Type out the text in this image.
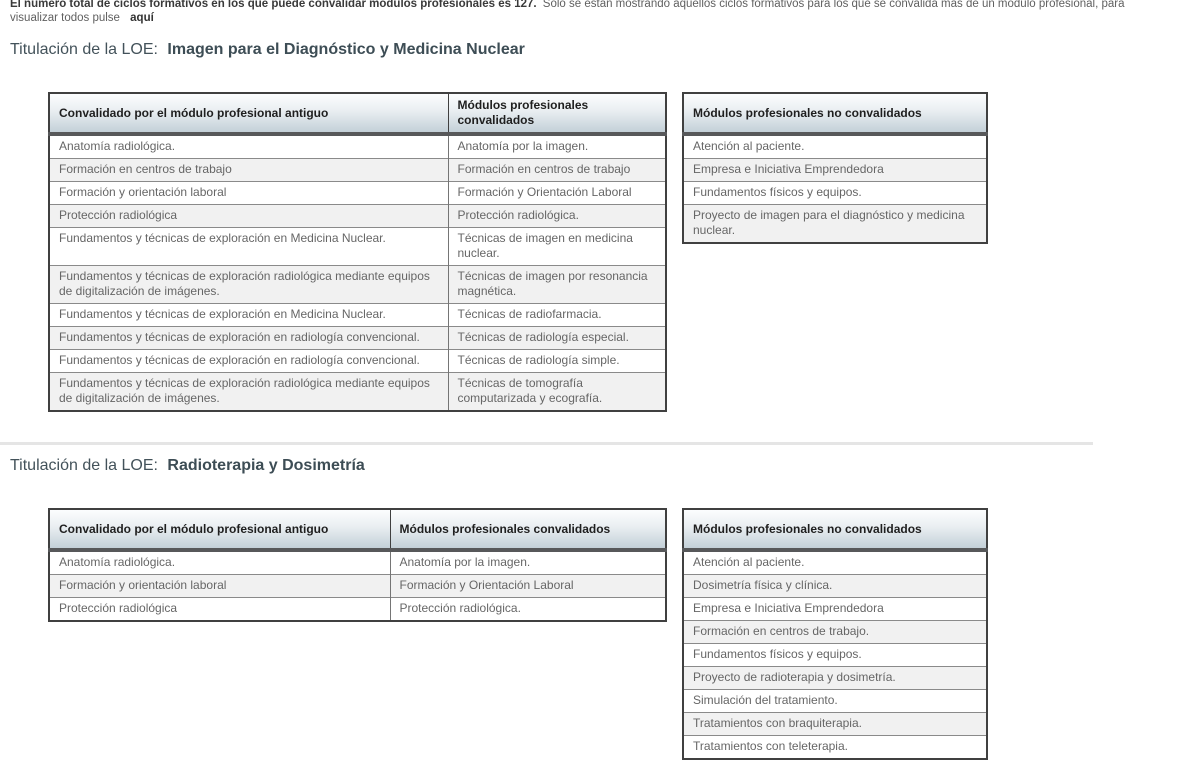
El número total de ciclos formativos en los que puede convalidar módulos profesionales es 127. Sólo se están mostrando aquellos ciclos formativos para los que se convalida más de un módulo profesional, para visualizar todos pulse aquí

Titulación de la LOE: Imagen para el Diagnóstico y Medicina Nuclear
Convalidado por el módulo profesional antiguo	Módulos profesionales convalidados
Anatomía radiológica.	Anatomía por la imagen.
Formación en centros de trabajo	Formación en centros de trabajo
Formación y orientación laboral	Formación y Orientación Laboral
Protección radiológica	Protección radiológica.
Fundamentos y técnicas de exploración en Medicina Nuclear.	Técnicas de imagen en medicina nuclear.
Fundamentos y técnicas de exploración radiológica mediante equipos de digitalización de imágenes.	Técnicas de imagen por resonancia magnética.
Fundamentos y técnicas de exploración en Medicina Nuclear.	Técnicas de radiofarmacia.
Fundamentos y técnicas de exploración en radiología convencional.	Técnicas de radiología especial.
Fundamentos y técnicas de exploración en radiología convencional.	Técnicas de radiología simple.
Fundamentos y técnicas de exploración radiológica mediante equipos de digitalización de imágenes.	Técnicas de tomografía computarizada y ecografía.
Módulos profesionales no convalidados
Atención al paciente.
Empresa e Iniciativa Emprendedora
Fundamentos físicos y equipos.
Proyecto de imagen para el diagnóstico y medicina nuclear.
Titulación de la LOE: Radioterapia y Dosimetría
Convalidado por el módulo profesional antiguo	Módulos profesionales convalidados
Anatomía radiológica.	Anatomía por la imagen.
Formación y orientación laboral	Formación y Orientación Laboral
Protección radiológica	Protección radiológica.
Módulos profesionales no convalidados
Atención al paciente.
Dosimetría física y clínica.
Empresa e Iniciativa Emprendedora
Formación en centros de trabajo.
Fundamentos físicos y equipos.
Proyecto de radioterapia y dosimetría.
Simulación del tratamiento.
Tratamientos con braquiterapia.
Tratamientos con teleterapia.
